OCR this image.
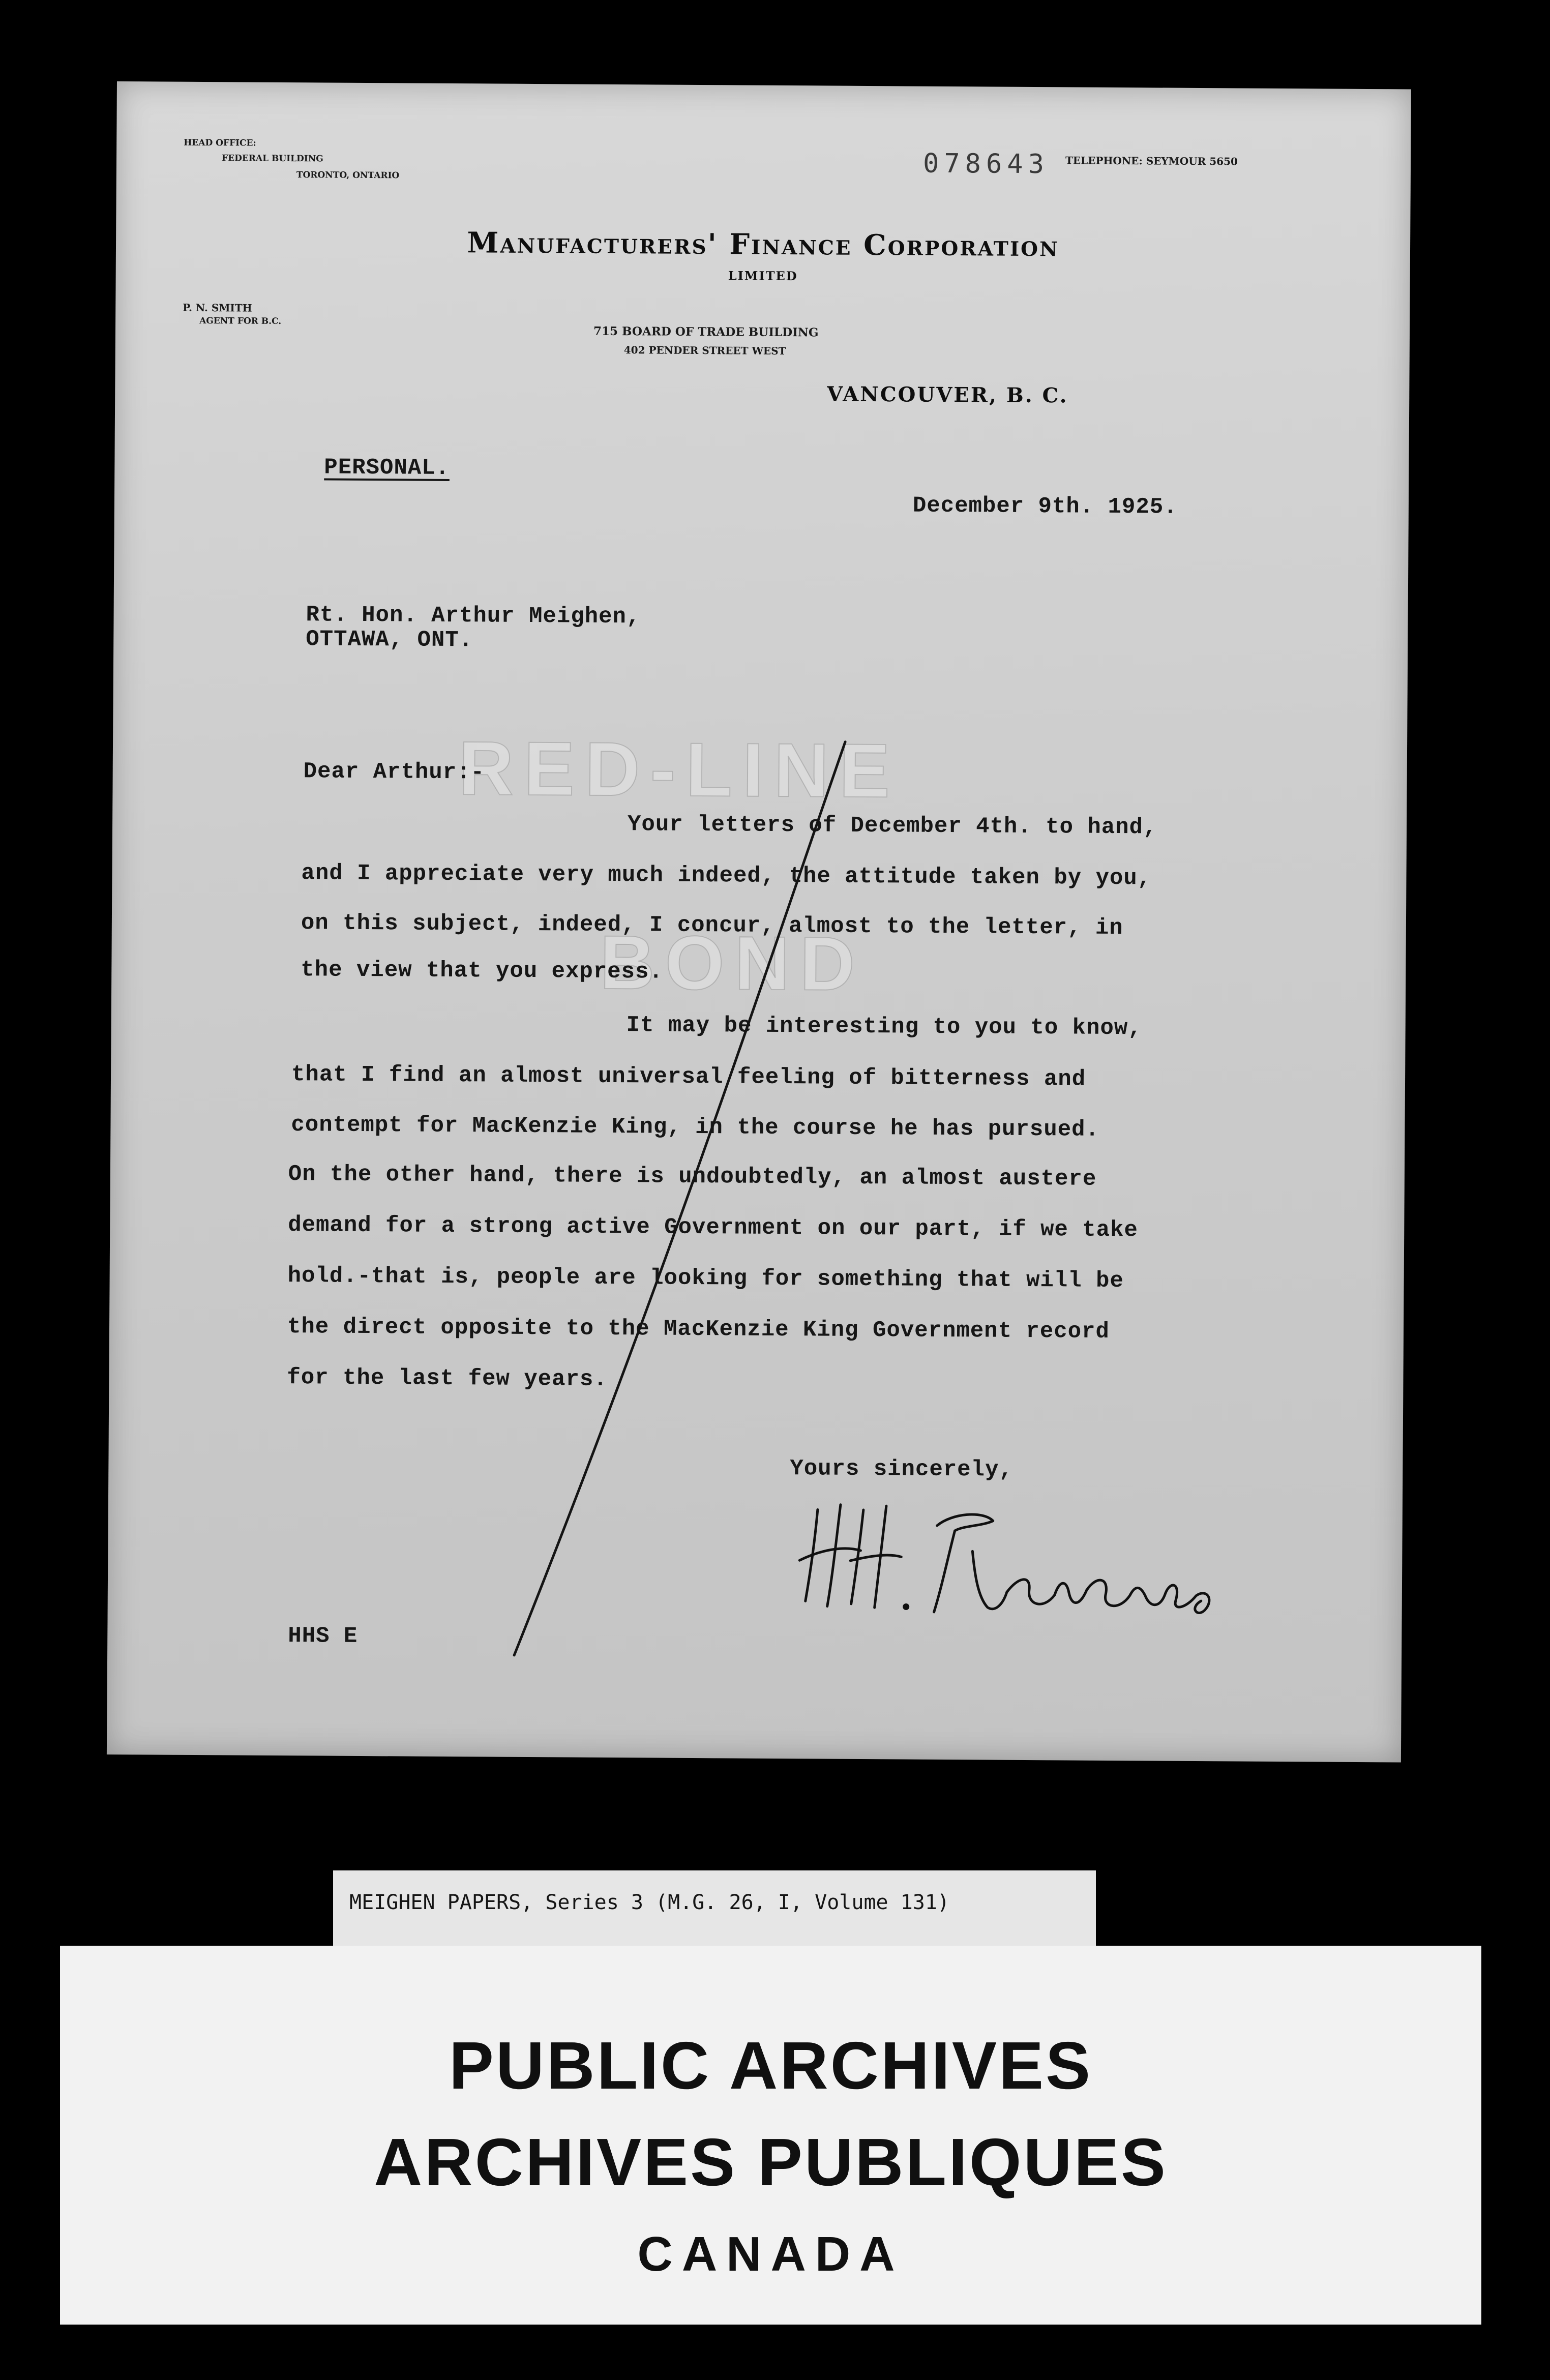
HEAD OFFICE:
FEDERAL BUILDING
TORONTO, ONTARIO	078643 TELEPHONE: SEYMOUR 5650
Manufacturers' Finance Corporation
LIMITED
P. N. SMITH
AGENT FOR B.C.
715 BOARD OF TRADE BUILDING
402 PENDER STREET WEST
VANCOUVER, B. C.
RED-LINE
BOND
PERSONAL.
December 9th. 1925.
Rt. Hon. Arthur Meighen,
OTTAWA, ONT.
Dear Arthur:-
Your letters of December 4th. to hand,
and I appreciate very much indeed, the attitude taken by you,
on this subject, indeed, I concur, almost to the letter, in
the view that you express.
It may be interesting to you to know,
that I find an almost universal feeling of bitterness and
contempt for MacKenzie King, in the course he has pursued.
On the other hand, there is undoubtedly, an almost austere
demand for a strong active Government on our part, if we take
hold.-that is, people are looking for something that will be
the direct opposite to the MacKenzie King Government record
for the last few years.
Yours sincerely,
HHS E
MEIGHEN PAPERS, Series 3 (M.G. 26, I, Volume 131)
PUBLIC ARCHIVES
ARCHIVES PUBLIQUES
CANADA
